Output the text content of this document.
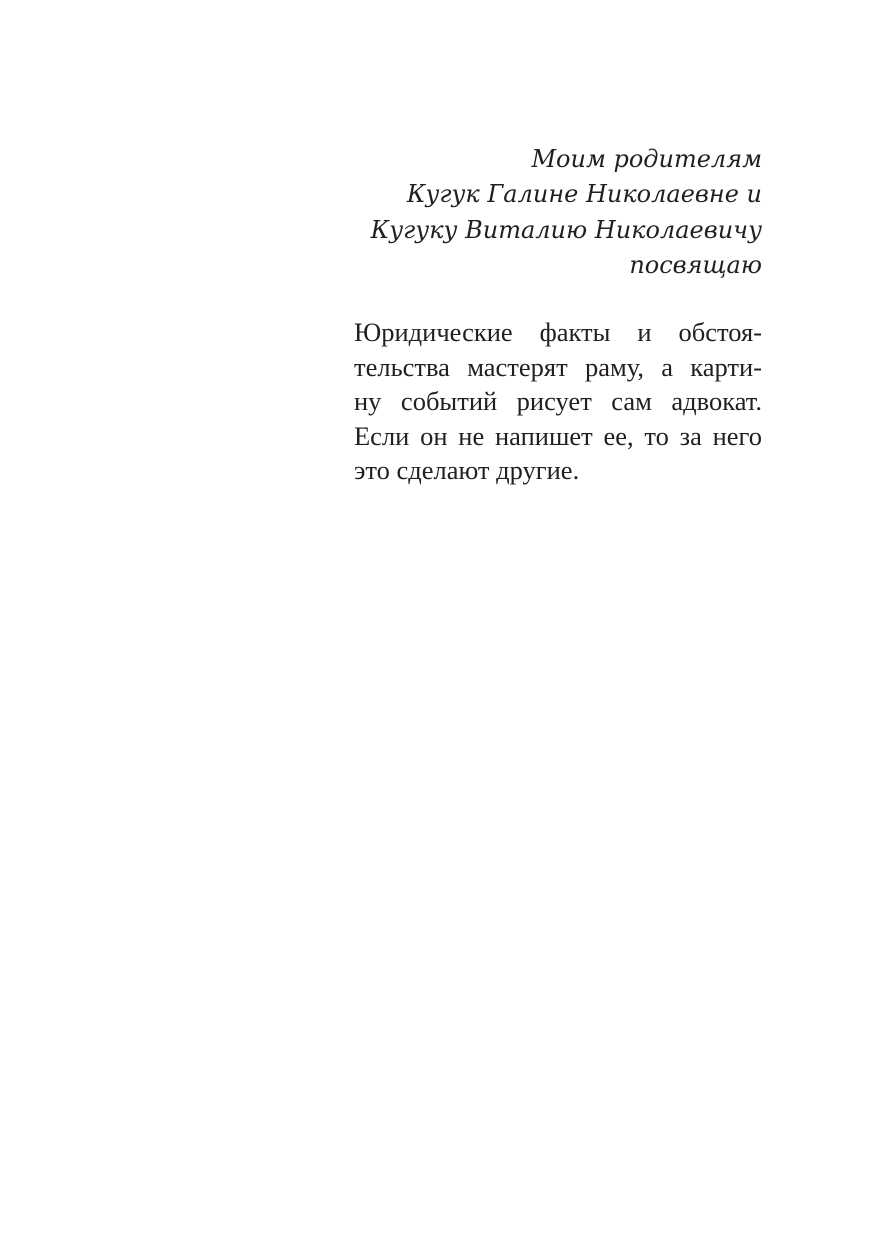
Моим родителям
Кугук Галине Николаевне и
Кугуку Виталию Николаевичу
посвящаю
Юридические факты и обстоя-
тельства мастерят раму, а карти-
ну событий рисует сам адвокат.
Если он не напишет ее, то за него
это сделают другие.
